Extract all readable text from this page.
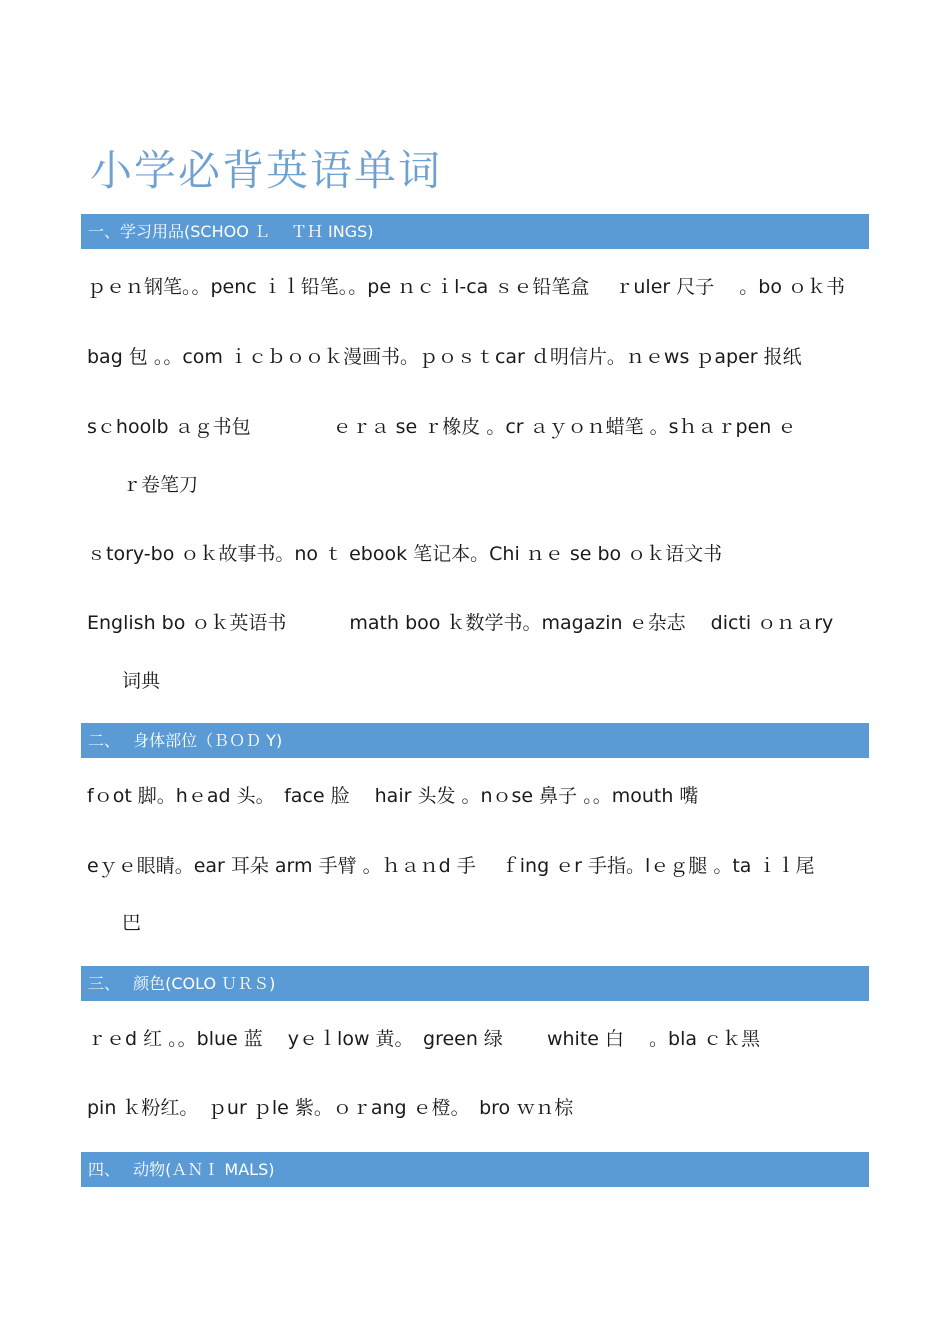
小学必背英语单词
一、学习用品(SCHOO Ｌ　 ＴＨ INGS)
ｐｅｎ钢笔。。penc ｉｌ铅笔。。pe ｎｃｉl-ca ｓｅ铅笔盒　 ｒuler 尺子　 。bo ｏｋ书
bag 包 。。com ｉｃｂｏｏｋ漫画书。ｐｏｓｔcar ｄ明信片。ｎｅws ｐaper 报纸
sｃhoolb ａｇ书包　　　　 ｅｒａ se ｒ橡皮 。cr ａｙｏｎ蜡笔 。sｈａｒpen ｅ
ｒ卷笔刀
ｓtory-bo ｏｋ故事书。no ｔ ebook 笔记本。Chi ｎｅ se bo ｏｋ语文书
English bo ｏｋ英语书　　　 math boo ｋ数学书。magazin ｅ杂志　 dicti ｏｎａry
词典
二、　 身体部位（ＢＯＤ Y)
fｏot 脚。hｅad 头。　face 脸　 hair 头发 。nｏse 鼻子 。。mouth 嘴
eｙｅ眼睛。ear 耳朵 arm 手臂 。ｈａｎd 手　 ｆing ｅr 手指。lｅｇ腿 。ta ｉｌ尾
巴
三、　 颜色(COLO ＵＲＳ)
ｒｅd 红 。。blue 蓝　 yｅｌlow 黄。　green 绿　　 white 白　 。bla ｃｋ黑
pin ｋ粉红。　ｐur ｐle 紫。ｏｒang ｅ橙。　bro ｗｎ棕
四、　 动物(ＡＮＩ MALS)
